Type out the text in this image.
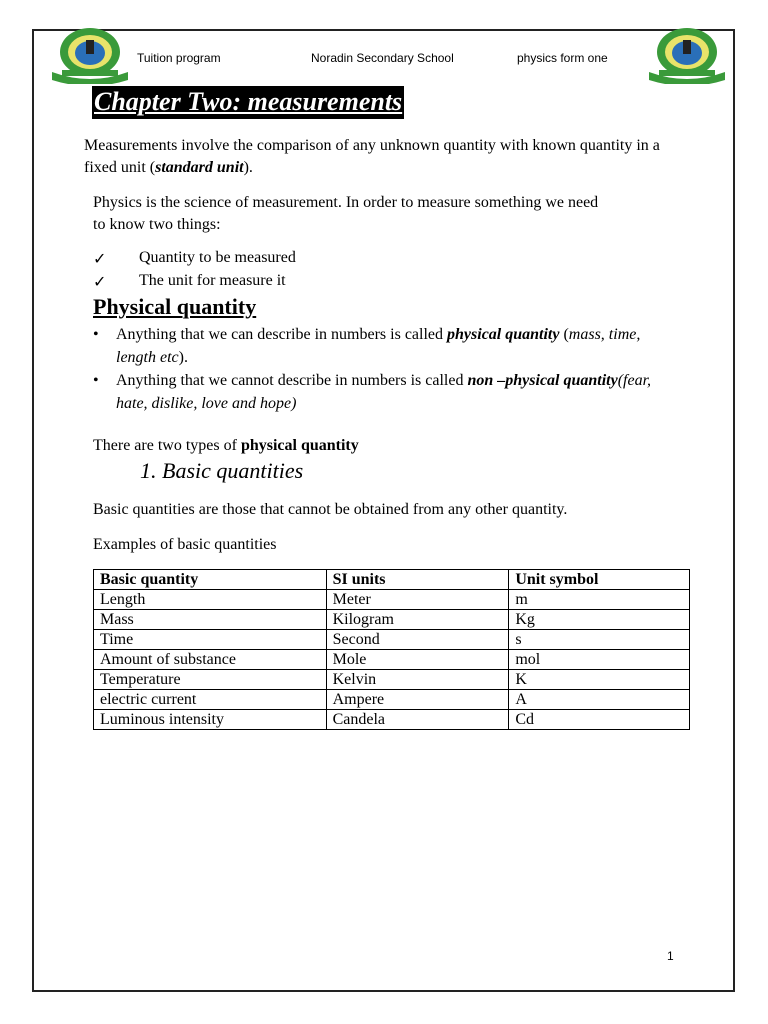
Tuition program	Noradin Secondary School	physics form one
Chapter Two: measurements
Measurements involve the comparison of any unknown quantity with known quantity in a fixed unit (standard unit).
Physics is the science of measurement. In order to measure something we need
to know two things:
✓ Quantity to be measured
✓ The unit for measure it
Physical quantity
• Anything that we can describe in numbers is called physical quantity (mass, time, length etc).
• Anything that we cannot describe in numbers is called non –physical quantity(fear, hate, dislike, love and hope)
There are two types of physical quantity
1. Basic quantities
Basic quantities are those that cannot be obtained from any other quantity.
Examples of basic quantities
Basic quantity	SI units	Unit symbol
Length	Meter	m
Mass	Kilogram	Kg
Time	Second	s
Amount of substance	Mole	mol
Temperature	Kelvin	K
electric current	Ampere	A
Luminous intensity	Candela	Cd
1
